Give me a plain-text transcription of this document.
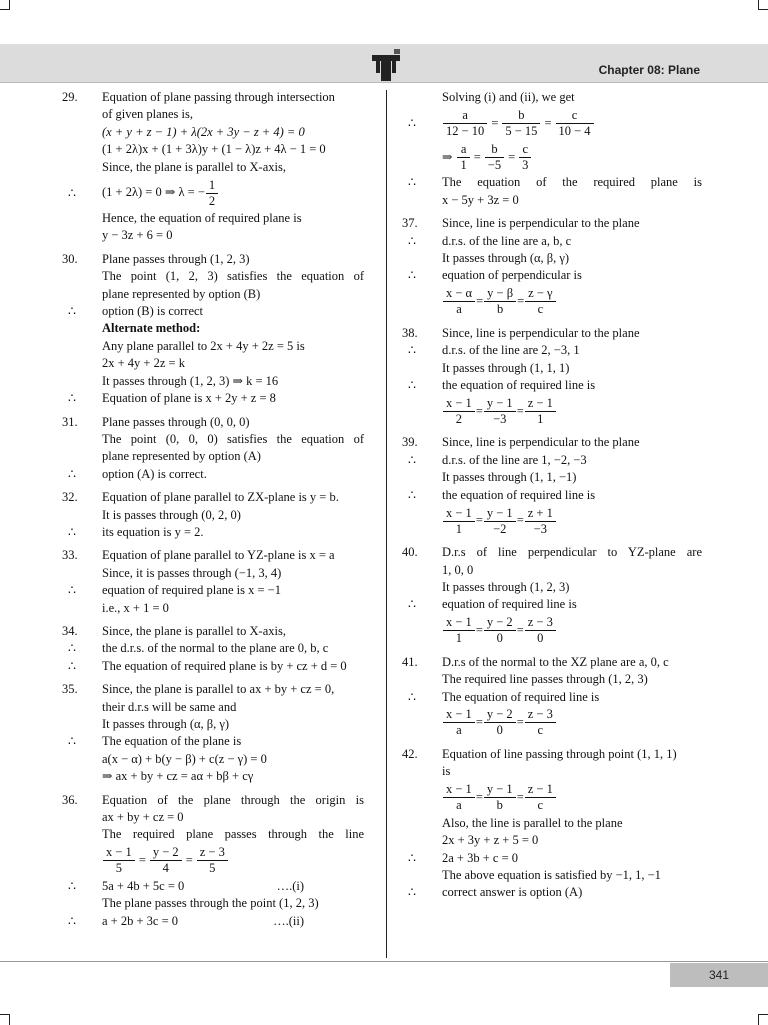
Chapter 08: Plane
29.	Equation of plane passing through intersection
of given planes is,
(x + y + z − 1) + λ(2x + 3y − z + 4) = 0
(1 + 2λ)x + (1 + 3λ)y + (1 − λ)z + 4λ − 1 = 0
Since, the plane is parallel to X-axis,
∴ (1 + 2λ) = 0 ⇒ λ = − $\frac{1}{2}$
Hence, the equation of required plane is
y − 3z + 6 = 0
30.	Plane passes through (1, 2, 3)
The point (1, 2, 3) satisfies the equation of
plane represented by option (B)
∴ option (B) is correct
Alternate method:
Any plane parallel to 2x + 4y + 2z = 5 is
2x + 4y + 2z = k
It passes through (1, 2, 3) ⇒ k = 16
∴ Equation of plane is x + 2y + z = 8
31.	Plane passes through (0, 0, 0)
The point (0, 0, 0) satisfies the equation of
plane represented by option (A)
∴ option (A) is correct.
32.	Equation of plane parallel to ZX-plane is y = b.
It is passes through (0, 2, 0)
∴ its equation is y = 2.
33.	Equation of plane parallel to YZ-plane is x = a
Since, it is passes through (−1, 3, 4)
∴ equation of required plane is x = −1
i.e., x + 1 = 0
34.	Since, the plane is parallel to X-axis,
∴ the d.r.s. of the normal to the plane are 0, b, c
∴ The equation of required plane is by + cz + d = 0
35.	Since, the plane is parallel to ax + by + cz = 0,
their d.r.s will be same and
It passes through (α, β, γ)
∴ The equation of the plane is
a(x − α) + b(y − β) + c(z − γ) = 0
⇒ ax + by + cz = aα + bβ + cγ
36.	Equation of the plane through the origin is
ax + by + cz = 0
The required plane passes through the line
$\frac{x - 1}{5} = \frac{y - 2}{4} = \frac{z - 3}{5}$
∴ 5a + 4b + 5c = 0	….(i)
The plane passes through the point (1, 2, 3)
∴ a + 2b + 3c = 0	….(ii)
Solving (i) and (ii), we get
∴ $\frac{a}{12 - 10} = \frac{b}{5 - 15} = \frac{c}{10 - 4}$
⇒ $\frac{a}{1} = \frac{b}{-5} = \frac{c}{3}$
∴ The equation of the required plane is
x − 5y + 3z = 0
37.	Since, line is perpendicular to the plane
∴ d.r.s. of the line are a, b, c
It passes through (α, β, γ)
∴ equation of perpendicular is
$\frac{x - \alpha}{a} = \frac{y - \beta}{b} = \frac{z - \gamma}{c}$
38.	Since, line is perpendicular to the plane
∴ d.r.s. of the line are 2, −3, 1
It passes through (1, 1, 1)
∴ the equation of required line is
$\frac{x - 1}{2} = \frac{y - 1}{-3} = \frac{z - 1}{1}$
39.	Since, line is perpendicular to the plane
∴ d.r.s. of the line are 1, −2, −3
It passes through (1, 1, −1)
∴ the equation of required line is
$\frac{x - 1}{1} = \frac{y - 1}{-2} = \frac{z + 1}{-3}$
40.	D.r.s of line perpendicular to YZ-plane are
1, 0, 0
It passes through (1, 2, 3)
∴ equation of required line is
$\frac{x - 1}{1} = \frac{y - 2}{0} = \frac{z - 3}{0}$
41.	D.r.s of the normal to the XZ plane are a, 0, c
The required line passes through (1, 2, 3)
∴ The equation of required line is
$\frac{x - 1}{a} = \frac{y - 2}{0} = \frac{z - 3}{c}$
42.	Equation of line passing through point (1, 1, 1)
is
$\frac{x - 1}{a} = \frac{y - 1}{b} = \frac{z - 1}{c}$
Also, the line is parallel to the plane
2x + 3y + z + 5 = 0
∴ 2a + 3b + c = 0
The above equation is satisfied by −1, 1, −1
∴ correct answer is option (A)
341
